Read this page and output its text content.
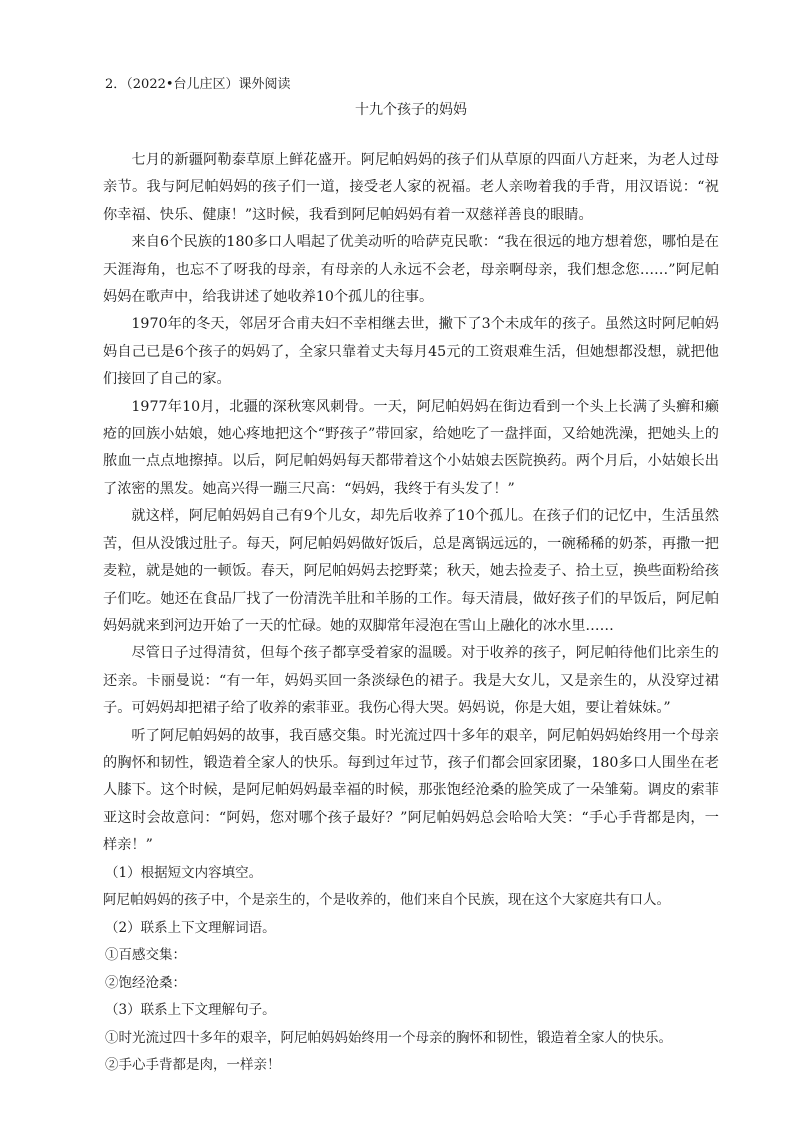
2．（2022•台儿庄区）课外阅读
十九个孩子的妈妈

七月的新疆阿勒泰草原上鲜花盛开。阿尼帕妈妈的孩子们从草原的四面八方赶来，为老人过母亲节。我与阿尼帕妈妈的孩子们一道，接受老人家的祝福。老人亲吻着我的手背，用汉语说：“祝你幸福、快乐、健康！”这时候，我看到阿尼帕妈妈有着一双慈祥善良的眼睛。

来自6个民族的180多口人唱起了优美动听的哈萨克民歌：“我在很远的地方想着您，哪怕是在天涯海角，也忘不了呀我的母亲，有母亲的人永远不会老，母亲啊母亲，我们想念您……”阿尼帕妈妈在歌声中，给我讲述了她收养10个孤儿的往事。

1970年的冬天，邻居牙合甫夫妇不幸相继去世，撇下了3个未成年的孩子。虽然这时阿尼帕妈妈自己已是6个孩子的妈妈了，全家只靠着丈夫每月45元的工资艰难生活，但她想都没想，就把他们接回了自己的家。

1977年10月，北疆的深秋寒风刺骨。一天，阿尼帕妈妈在街边看到一个头上长满了头癣和癞疮的回族小姑娘，她心疼地把这个“野孩子”带回家，给她吃了一盘拌面，又给她洗澡，把她头上的脓血一点点地擦掉。以后，阿尼帕妈妈每天都带着这个小姑娘去医院换药。两个月后，小姑娘长出了浓密的黑发。她高兴得一蹦三尺高：“妈妈，我终于有头发了！”

就这样，阿尼帕妈妈自己有9个儿女，却先后收养了10个孤儿。在孩子们的记忆中，生活虽然苦，但从没饿过肚子。每天，阿尼帕妈妈做好饭后，总是离锅远远的，一碗稀稀的奶茶，再撒一把麦粒，就是她的一顿饭。春天，阿尼帕妈妈去挖野菜；秋天，她去捡麦子、拾土豆，换些面粉给孩子们吃。她还在食品厂找了一份清洗羊肚和羊肠的工作。每天清晨，做好孩子们的早饭后，阿尼帕妈妈就来到河边开始了一天的忙碌。她的双脚常年浸泡在雪山上融化的冰水里……

尽管日子过得清贫，但每个孩子都享受着家的温暖。对于收养的孩子，阿尼帕待他们比亲生的还亲。卡丽曼说：“有一年，妈妈买回一条淡绿色的裙子。我是大女儿，又是亲生的，从没穿过裙子。可妈妈却把裙子给了收养的索菲亚。我伤心得大哭。妈妈说，你是大姐，要让着妹妹。”

听了阿尼帕妈妈的故事，我百感交集。时光流过四十多年的艰辛，阿尼帕妈妈始终用一个母亲的胸怀和韧性，锻造着全家人的快乐。每到过年过节，孩子们都会回家团聚，180多口人围坐在老人膝下。这个时候，是阿尼帕妈妈最幸福的时候，那张饱经沧桑的脸笑成了一朵雏菊。调皮的索菲亚这时会故意问：“阿妈，您对哪个孩子最好？”阿尼帕妈妈总会哈哈大笑：“手心手背都是肉，一样亲！”

（1）根据短文内容填空。

阿尼帕妈妈的孩子中，个是亲生的，个是收养的，他们来自个民族，现在这个大家庭共有口人。

（2）联系上下文理解词语。

①百感交集：

②饱经沧桑：

（3）联系上下文理解句子。

①时光流过四十多年的艰辛，阿尼帕妈妈始终用一个母亲的胸怀和韧性，锻造着全家人的快乐。

②手心手背都是肉，一样亲！
